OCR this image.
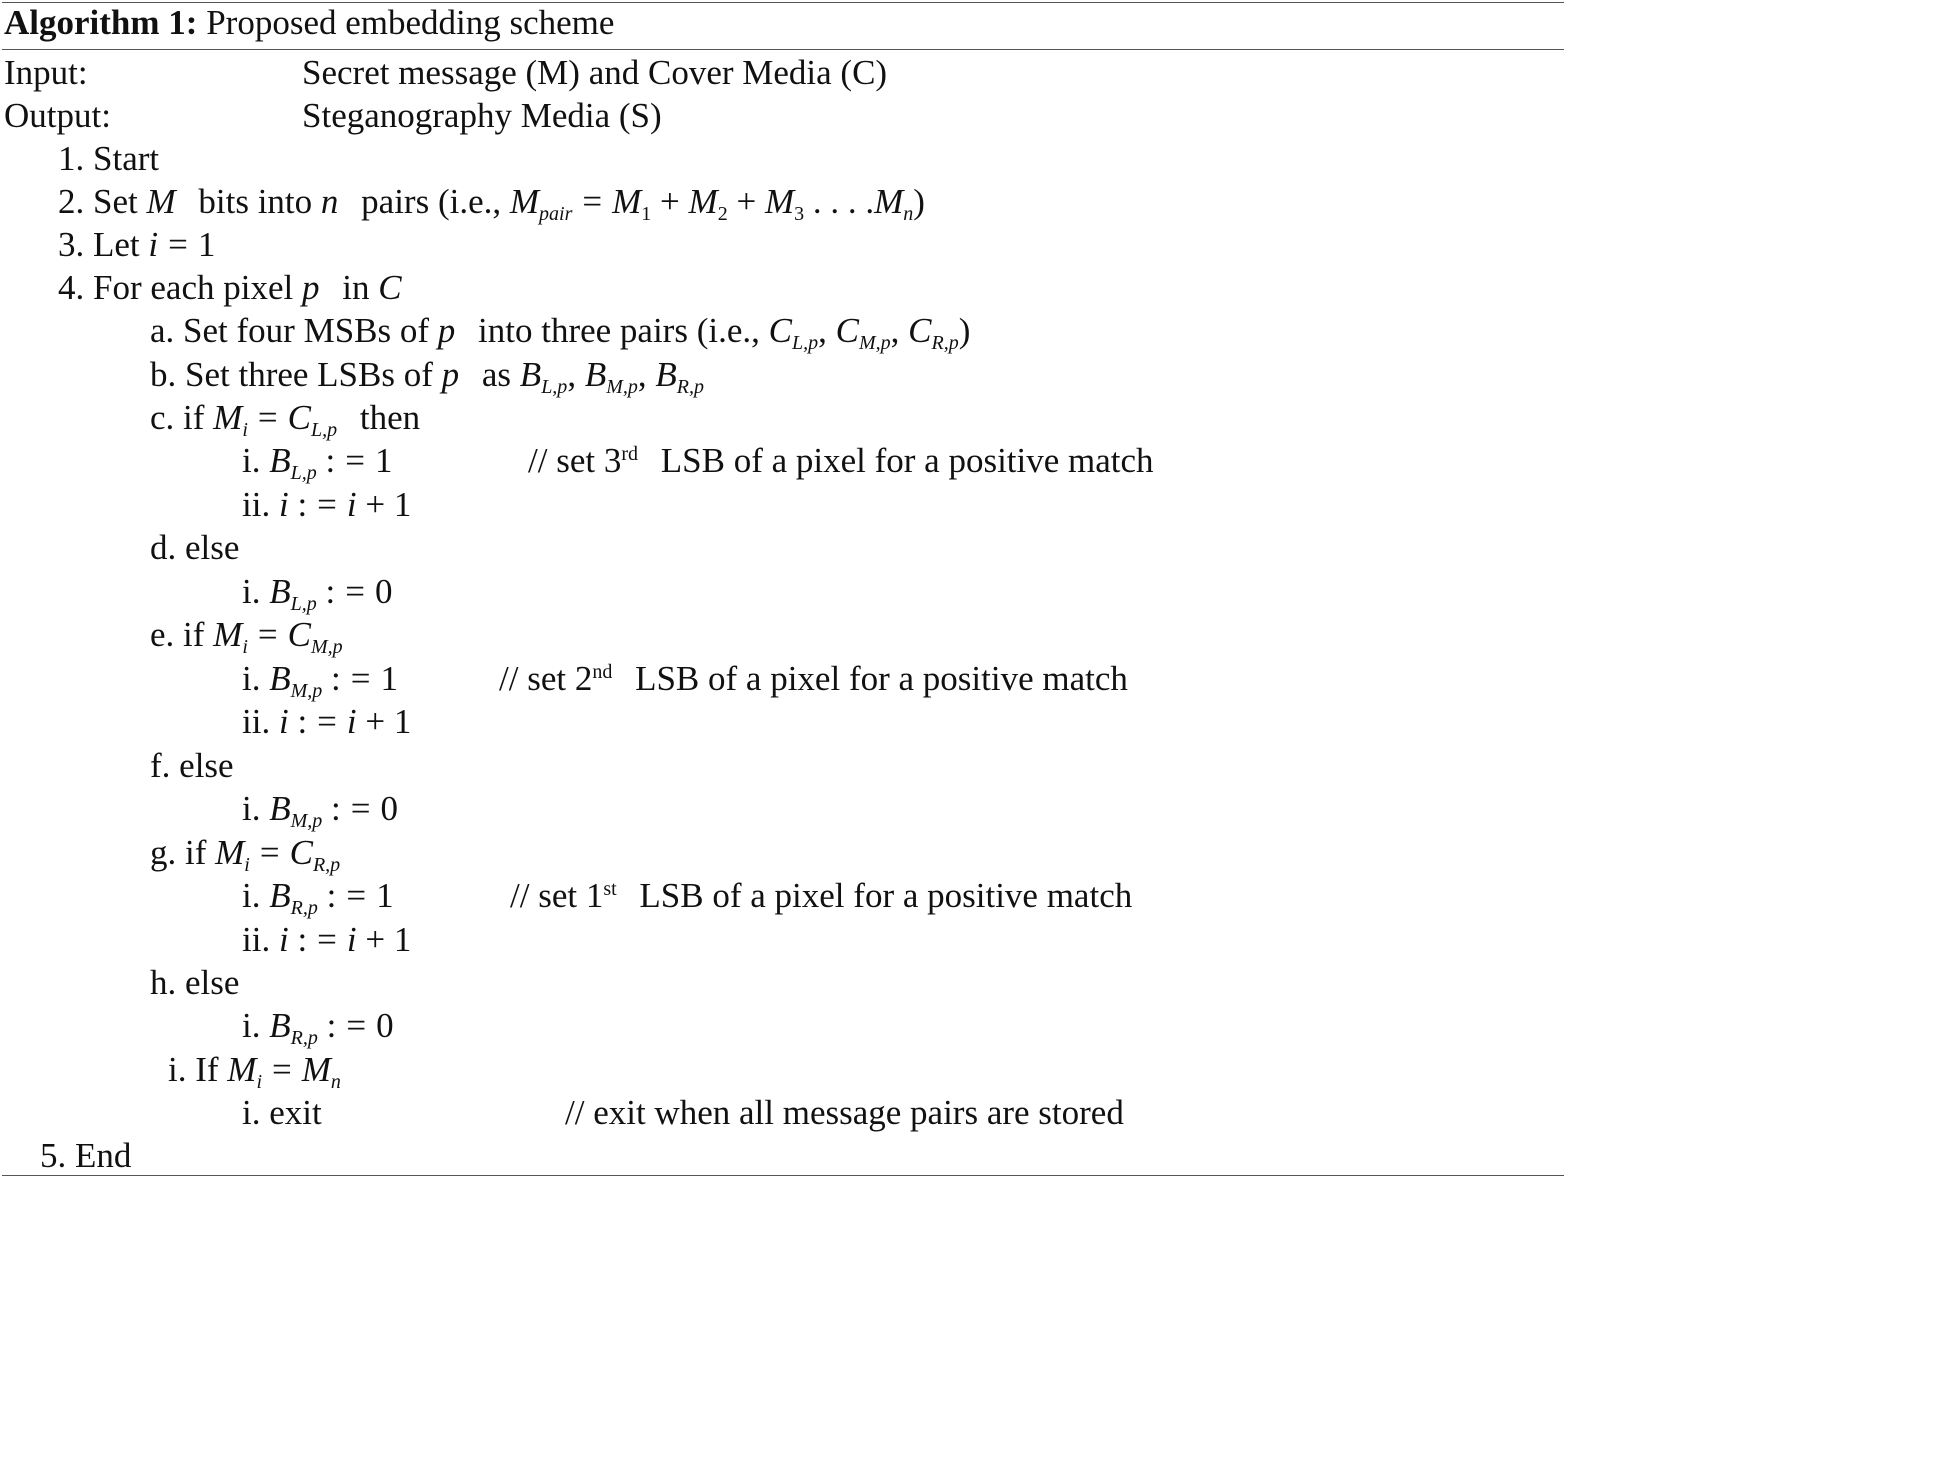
Algorithm 1: Proposed embedding scheme
Input:	Secret message (M) and Cover Media (C)
Output:	Steganography Media (S)
1. Start
2. Set M bits into n pairs (i.e., $M_{pair} = M_1 + M_2 + M_3$ . . . $.M_n$)
3. Let i = 1
4. For each pixel p in C
a. Set four MSBs of p into three pairs (i.e., $C_{L,p}$, $C_{M,p}$, $C_{R,p}$)
b. Set three LSBs of p as $B_{L,p}$, $B_{M,p}$, $B_{R,p}$
c. if $M_i = C_{L,p}$ then
i. $B_{L,p}$ : = 1	// set 3rd LSB of a pixel for a positive match
ii. i : = i + 1
d. else
i. $B_{L,p}$ : = 0
e. if $M_i = C_{M,p}$
i. $B_{M,p}$ : = 1	// set 2nd LSB of a pixel for a positive match
ii. i : = i + 1
f. else
i. $B_{M,p}$ : = 0
g. if $M_i = C_{R,p}$
i. $B_{R,p}$ : = 1	// set 1st LSB of a pixel for a positive match
ii. i : = i + 1
h. else
i. $B_{R,p}$ : = 0
i. If $M_i = M_n$
i. exit	// exit when all message pairs are stored
5. End
